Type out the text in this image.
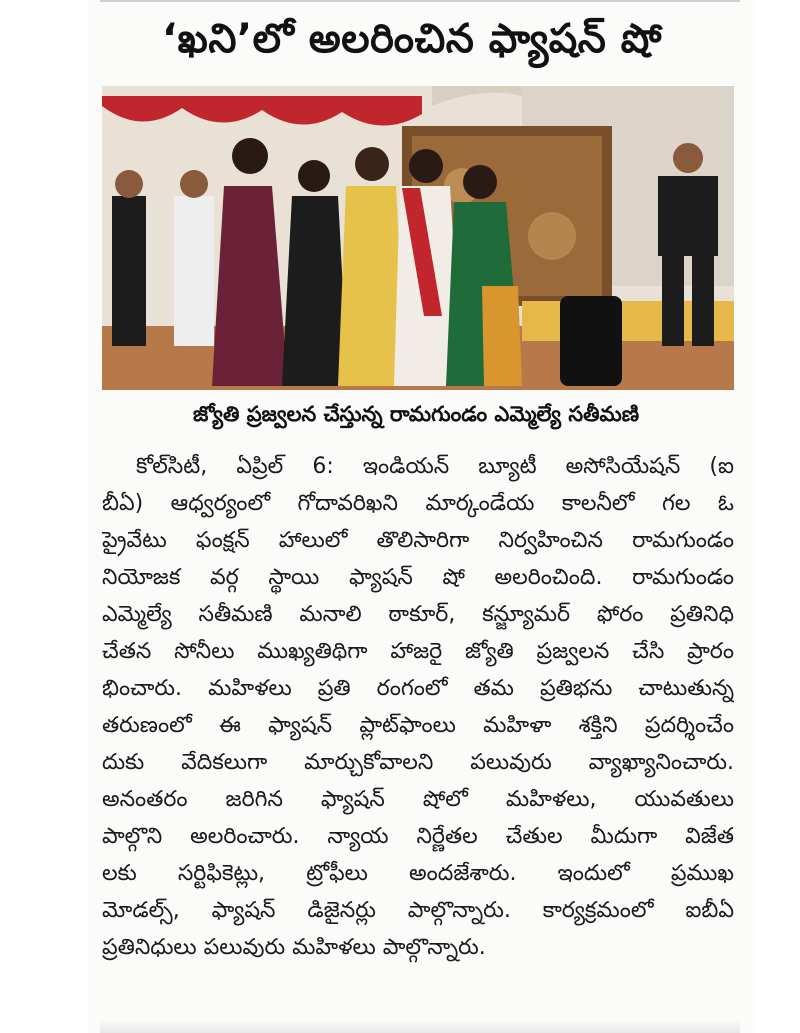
‘ఖని’లో అలరించిన ఫ్యాషన్ షో
జ్యోతి ప్రజ్వలన చేస్తున్న రామగుండం ఎమ్మెల్యే సతీమణి
కోల్‌సిటీ, ఏప్రిల్ 6: ఇండియన్ బ్యూటీ అసోసియేషన్ (ఐ
బీఏ) ఆధ్వర్యంలో గోదావరిఖని మార్కండేయ కాలనీలో గల ఓ
ప్రైవేటు ఫంక్షన్ హాలులో తొలిసారిగా నిర్వహించిన రామగుండం
నియోజక వర్గ స్థాయి ఫ్యాషన్ షో అలరించింది. రామగుండం
ఎమ్మెల్యే సతీమణి మనాలి ఠాకూర్, కన్జ్యూమర్ ఫోరం ప్రతినిధి
చేతన సోనీలు ముఖ్యతిథిగా హాజరై జ్యోతి ప్రజ్వలన చేసి ప్రారం
భించారు. మహిళలు ప్రతి రంగంలో తమ ప్రతిభను చాటుతున్న
తరుణంలో ఈ ఫ్యాషన్ ప్లాట్‌ఫాంలు మహిళా శక్తిని ప్రదర్శించేం
దుకు వేదికలుగా మార్చుకోవాలని పలువురు వ్యాఖ్యానించారు.
అనంతరం జరిగిన ఫ్యాషన్ షోలో మహిళలు, యువతులు
పాల్గొని అలరించారు. న్యాయ నిర్ణేతల చేతుల మీదుగా విజేత
లకు సర్టిఫికెట్లు, ట్రోఫీలు అందజేశారు. ఇందులో ప్రముఖ
మోడల్స్, ఫ్యాషన్ డిజైనర్లు పాల్గొన్నారు. కార్యక్రమంలో ఐబీఏ
ప్రతినిధులు పలువురు మహిళలు పాల్గొన్నారు.
